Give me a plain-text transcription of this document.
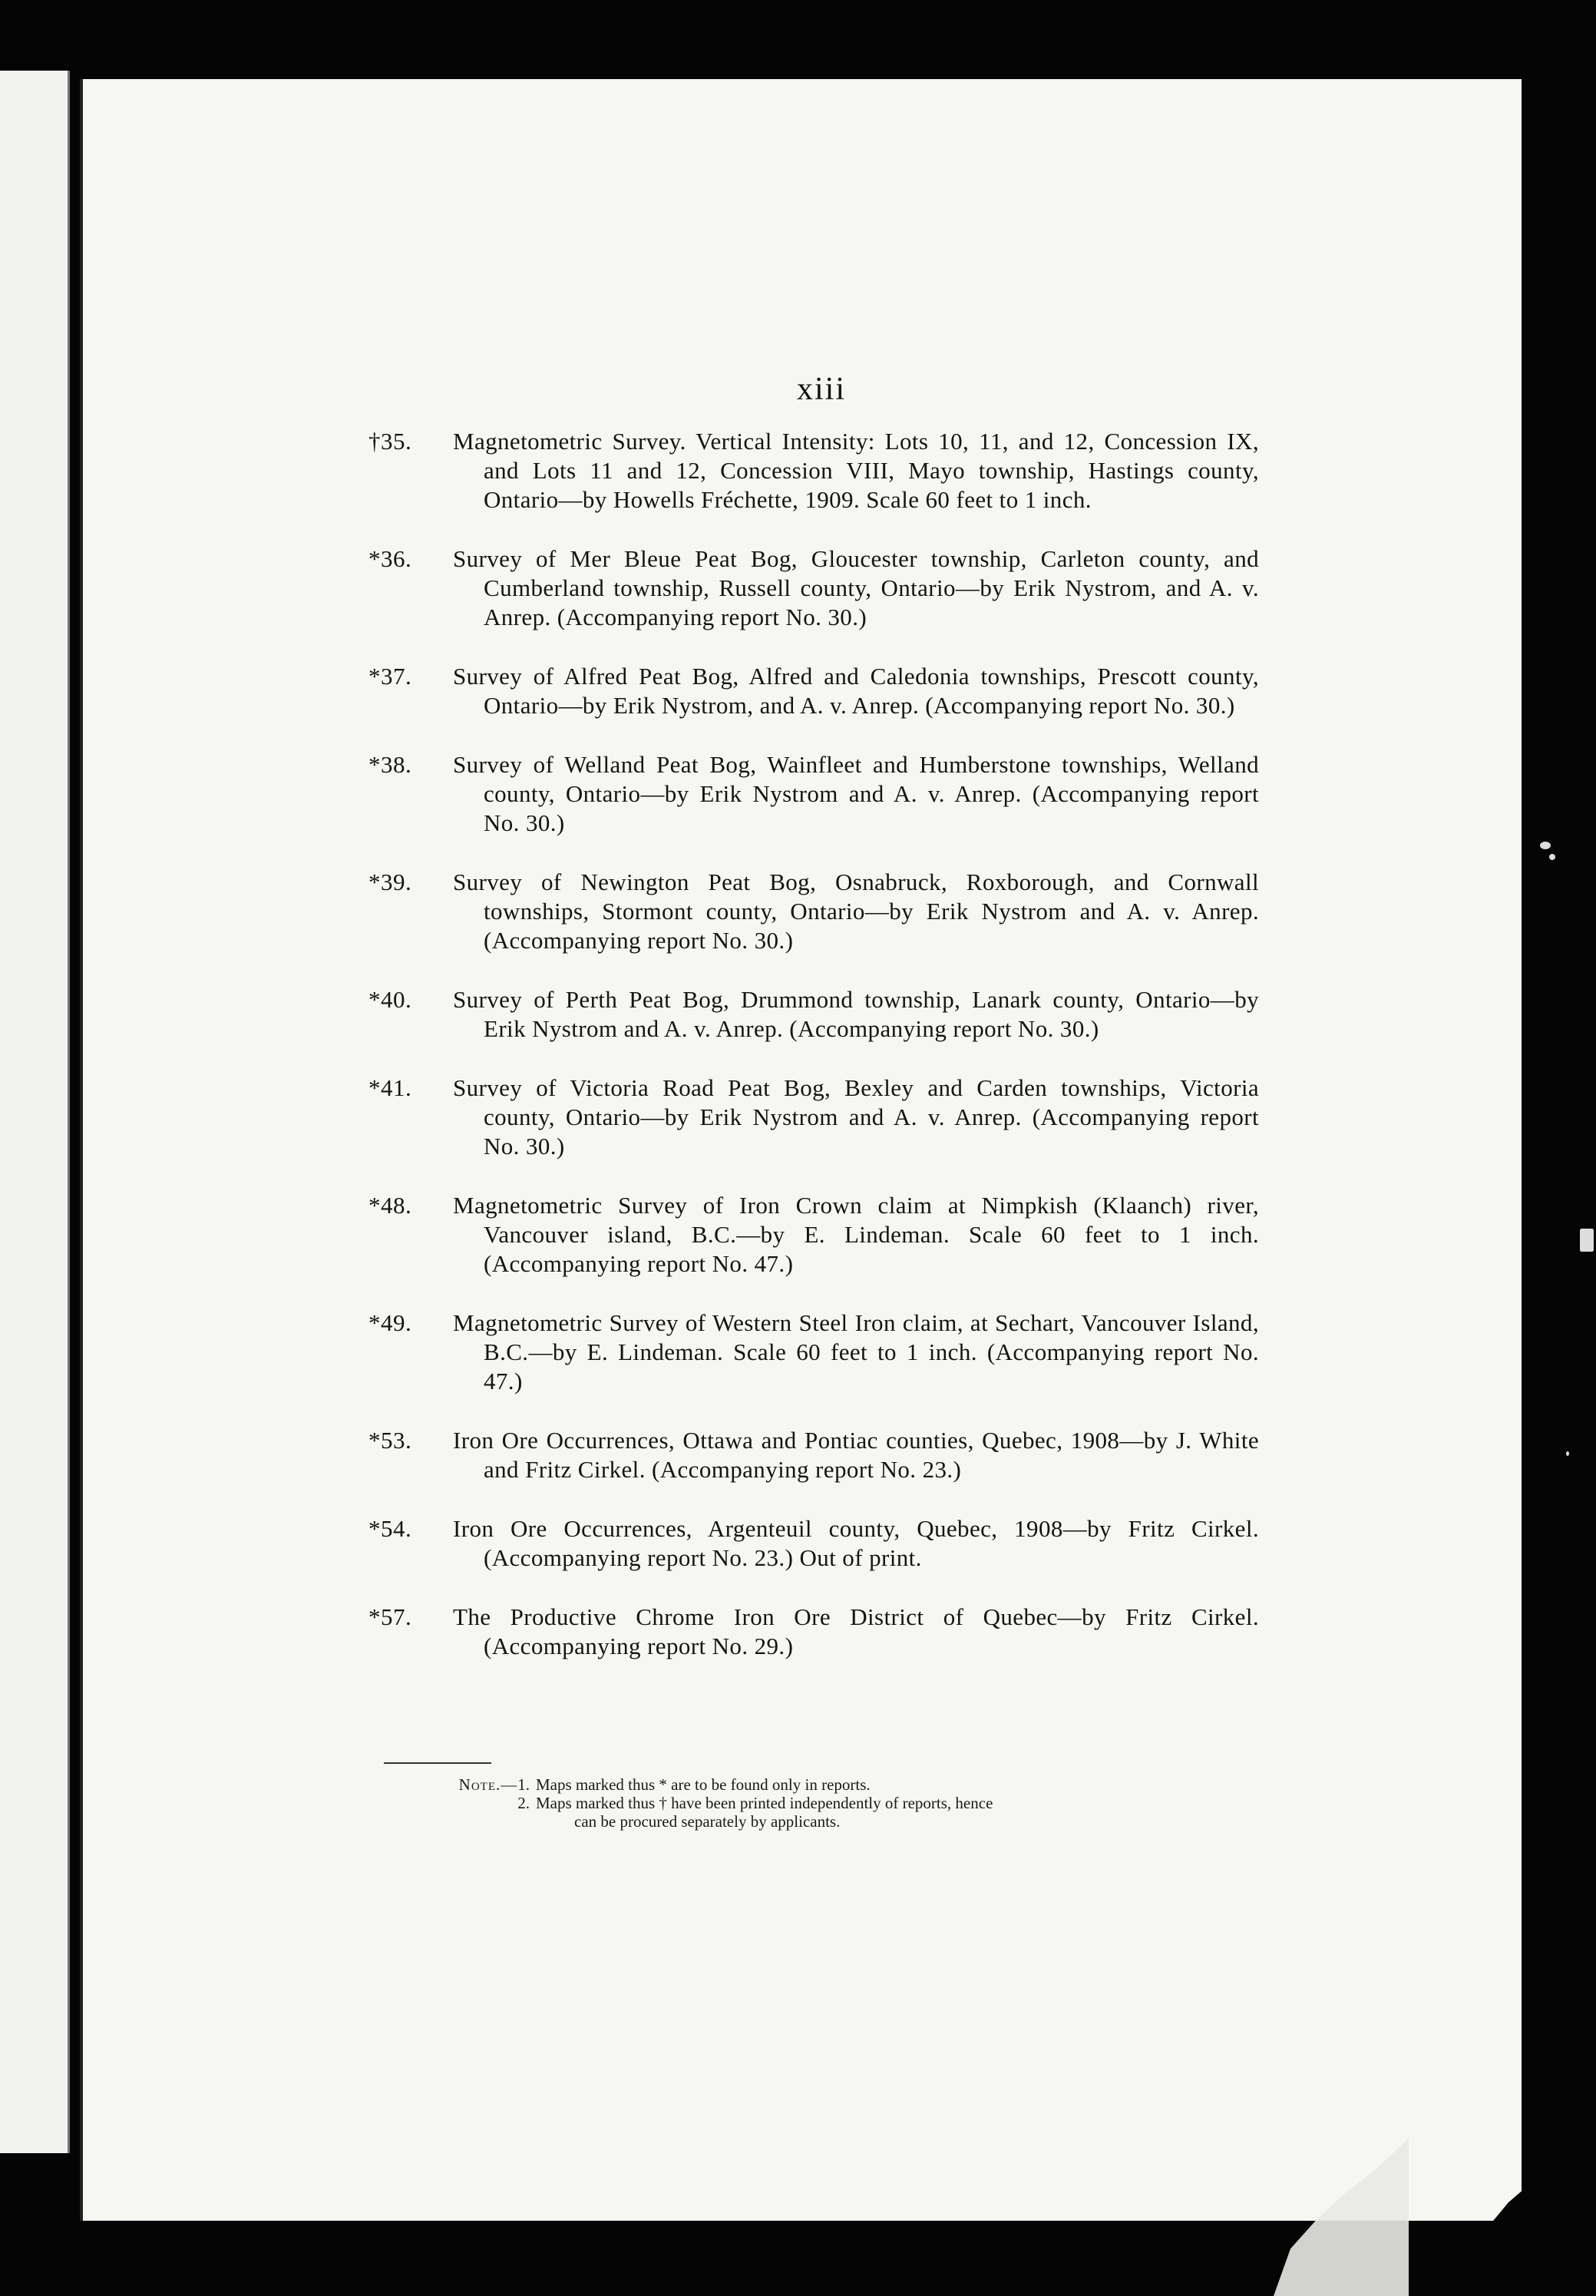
xiii
†35.	Magnetometric Survey. Vertical Intensity: Lots 10, 11, and 12, Concession IX, and Lots 11 and 12, Concession VIII, Mayo township, Hastings county, Ontario—by Howells Fréchette, 1909. Scale 60 feet to 1 inch.
*36.	Survey of Mer Bleue Peat Bog, Gloucester township, Carleton county, and Cumberland township, Russell county, Ontario—by Erik Nystrom, and A. v. Anrep. (Accompanying report No. 30.)
*37.	Survey of Alfred Peat Bog, Alfred and Caledonia townships, Prescott county, Ontario—by Erik Nystrom, and A. v. Anrep. (Accompanying report No. 30.)
*38.	Survey of Welland Peat Bog, Wainfleet and Humberstone townships, Welland county, Ontario—by Erik Nystrom and A. v. Anrep. (Accompanying report No. 30.)
*39.	Survey of Newington Peat Bog, Osnabruck, Roxborough, and Cornwall townships, Stormont county, Ontario—by Erik Nystrom and A. v. Anrep. (Accompanying report No. 30.)
*40.	Survey of Perth Peat Bog, Drummond township, Lanark county, Ontario—by Erik Nystrom and A. v. Anrep. (Accompanying report No. 30.)
*41.	Survey of Victoria Road Peat Bog, Bexley and Carden townships, Victoria county, Ontario—by Erik Nystrom and A. v. Anrep. (Accompanying report No. 30.)
*48.	Magnetometric Survey of Iron Crown claim at Nimpkish (Klaanch) river, Vancouver island, B.C.—by E. Lindeman. Scale 60 feet to 1 inch. (Accompanying report No. 47.)
*49.	Magnetometric Survey of Western Steel Iron claim, at Sechart, Vancouver Island, B.C.—by E. Lindeman. Scale 60 feet to 1 inch. (Accompanying report No. 47.)
*53.	Iron Ore Occurrences, Ottawa and Pontiac counties, Quebec, 1908—by J. White and Fritz Cirkel. (Accompanying report No. 23.)
*54.	Iron Ore Occurrences, Argenteuil county, Quebec, 1908—by Fritz Cirkel. (Accompanying report No. 23.) Out of print.
*57.	The Productive Chrome Iron Ore District of Quebec—by Fritz Cirkel. (Accompanying report No. 29.)
Note.—1. Maps marked thus * are to be found only in reports.
2. Maps marked thus † have been printed independently of reports, hence
can be procured separately by applicants.
